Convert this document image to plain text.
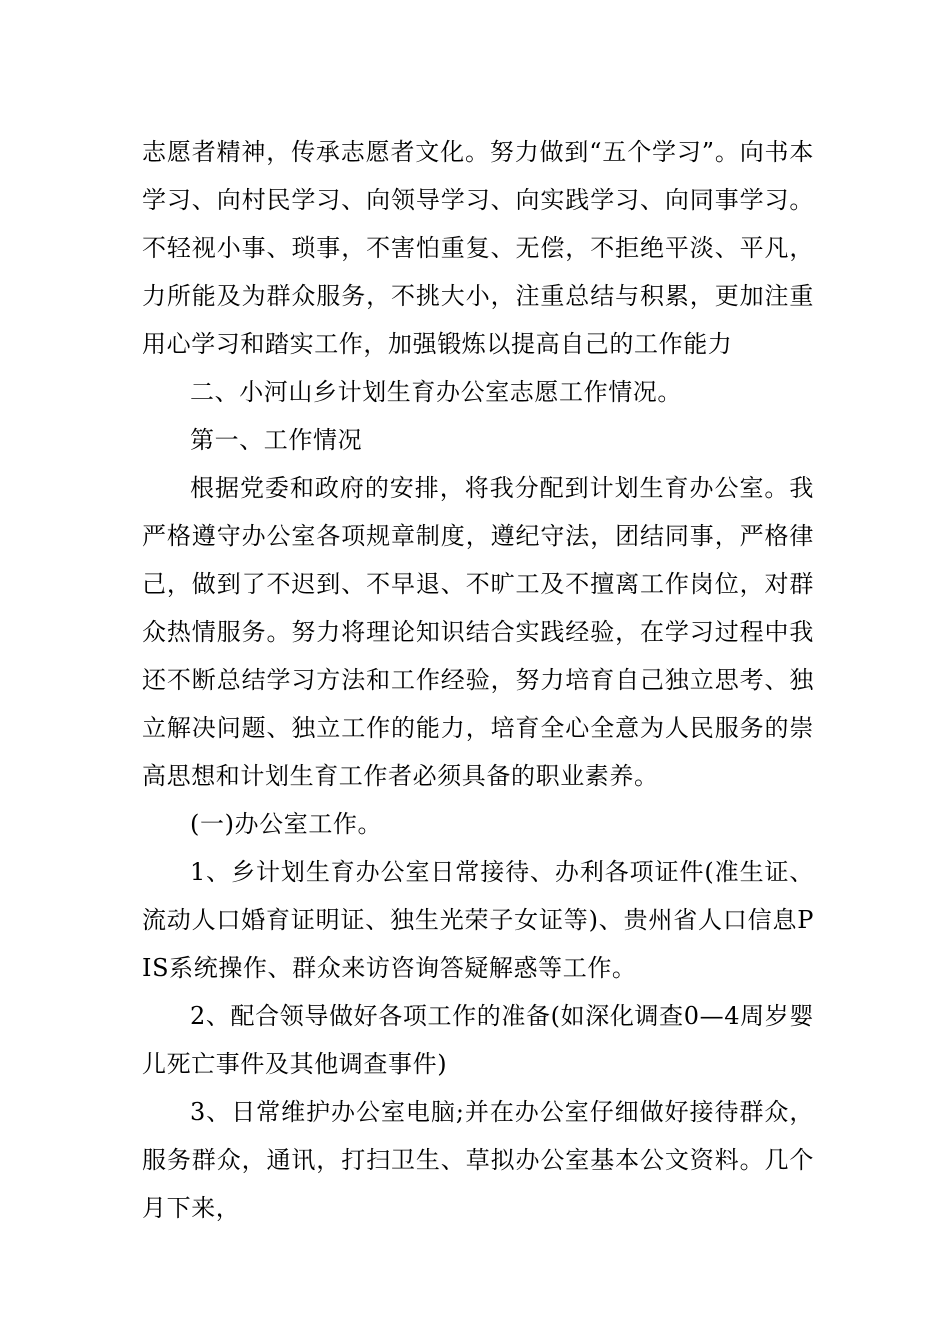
志愿者精神，传承志愿者文化。努力做到“五个学习”。向书本学习、向村民学习、向领导学习、向实践学习、向同事学习。不轻视小事、琐事，不害怕重复、无偿，不拒绝平淡、平凡，力所能及为群众服务，不挑大小，注重总结与积累，更加注重用心学习和踏实工作，加强锻炼以提高自己的工作能力

二、小河山乡计划生育办公室志愿工作情况。

第一、工作情况

根据党委和政府的安排，将我分配到计划生育办公室。我严格遵守办公室各项规章制度，遵纪守法，团结同事，严格律己，做到了不迟到、不早退、不旷工及不擅离工作岗位，对群众热情服务。努力将理论知识结合实践经验，在学习过程中我还不断总结学习方法和工作经验，努力培育自己独立思考、独立解决问题、独立工作的能力，培育全心全意为人民服务的崇高思想和计划生育工作者必须具备的职业素养。

(一)办公室工作。

1、乡计划生育办公室日常接待、办利各项证件(准生证、流动人口婚育证明证、独生光荣子女证等)、贵州省人口信息PIS系统操作、群众来访咨询答疑解惑等工作。

2、配合领导做好各项工作的准备(如深化调查0—4周岁婴儿死亡事件及其他调查事件)

3、日常维护办公室电脑;并在办公室仔细做好接待群众，服务群众，通讯，打扫卫生、草拟办公室基本公文资料。几个月下来，
